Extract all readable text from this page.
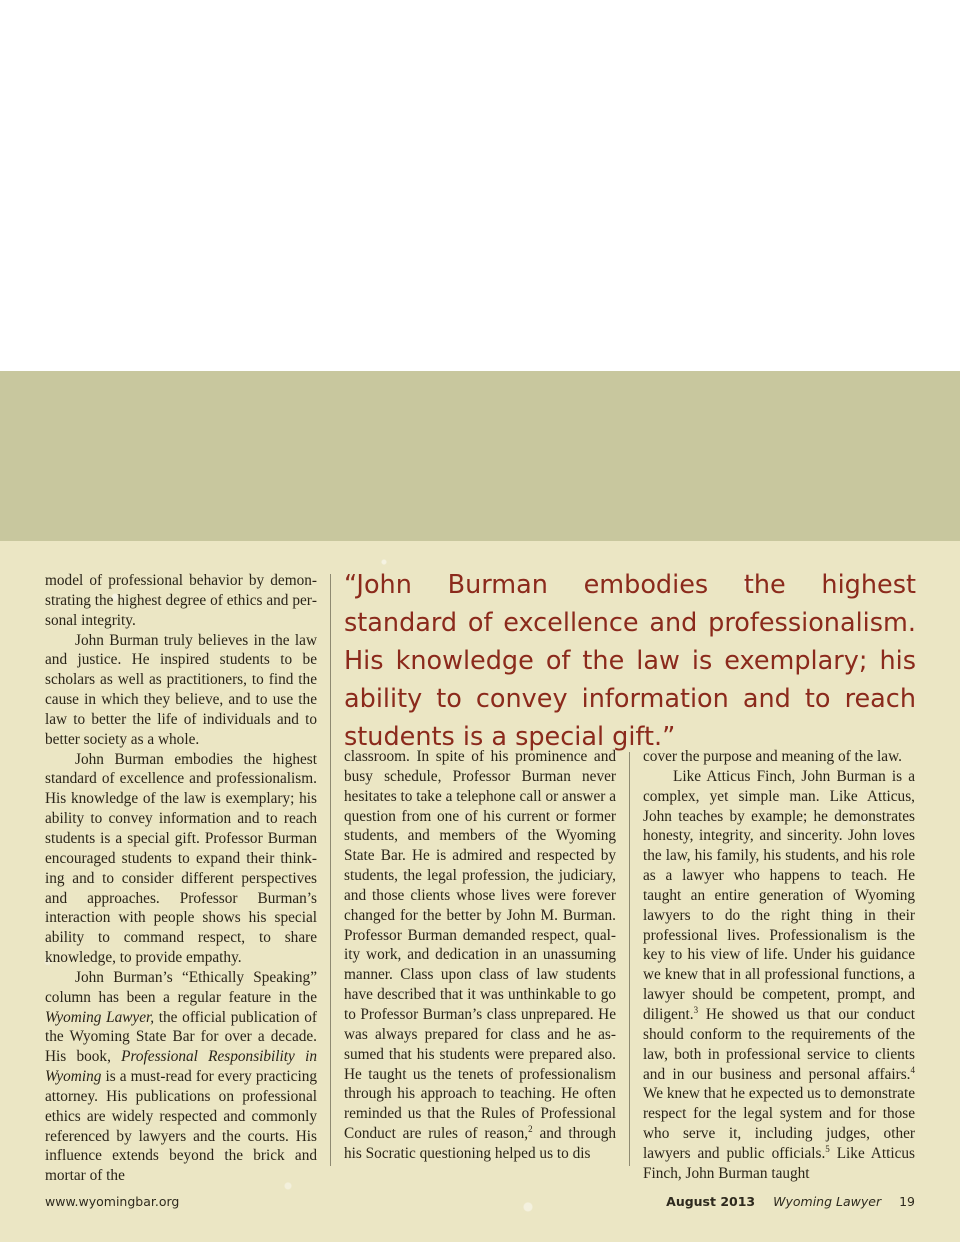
model of professional behavior by demonstrating the highest degree of ethics and personal integrity.

John Burman truly believes in the law and justice. He inspired students to be scholars as well as practitioners, to find the cause in which they believe, and to use the law to better the life of individuals and to better society as a whole.

John Burman embodies the highest standard of excellence and professionalism. His knowledge of the law is exemplary; his ability to convey information and to reach students is a special gift. Professor Burman encouraged students to expand their thinking and to consider different perspectives and approaches. Professor Burman’s interaction with people shows his special ability to command respect, to share knowledge, to provide empathy.

John Burman’s “Ethically Speaking” column has been a regular feature in the Wyoming Lawyer, the official publication of the Wyoming State Bar for over a decade. His book, Professional Responsibility in Wyoming is a must-read for every practicing attorney. His publications on professional ethics are widely respected and commonly referenced by lawyers and the courts. His influence extends beyond the brick and mortar of the

“John Burman embodies the highest standard of excellence and professionalism. His knowledge of the law is exemplary; his ability to convey information and to reach students is a special gift.”

classroom. In spite of his prominence and busy schedule, Professor Burman never hesitates to take a telephone call or answer a question from one of his current or former students, and members of the Wyoming State Bar. He is admired and respected by students, the legal profession, the judiciary, and those clients whose lives were forever changed for the better by John M. Burman. Professor Burman demanded respect, quality work, and dedication in an unassuming manner. Class upon class of law students have described that it was unthinkable to go to Professor Burman’s class unprepared. He was always prepared for class and he assumed that his students were prepared also. He taught us the tenets of professionalism through his approach to teaching. He often reminded us that the Rules of Professional Conduct are rules of reason,$^2$ and through his Socratic questioning helped us to dis

cover the purpose and meaning of the law.

Like Atticus Finch, John Burman is a complex, yet simple man. Like Atticus, John teaches by example; he demonstrates honesty, integrity, and sincerity. John loves the law, his family, his students, and his role as a lawyer who happens to teach. He taught an entire generation of Wyoming lawyers to do the right thing in their professional lives. Professionalism is the key to his view of life. Under his guidance we knew that in all professional functions, a lawyer should be competent, prompt, and diligent.$^3$ He showed us that our conduct should conform to the requirements of the law, both in professional service to clients and in our business and personal affairs.$^4$ We knew that he expected us to demonstrate respect for the legal system and for those who serve it, including judges, other lawyers and public officials.$^5$ Like Atticus Finch, John Burman taught

www.wyomingbar.org	August 2013 Wyoming Lawyer 19
